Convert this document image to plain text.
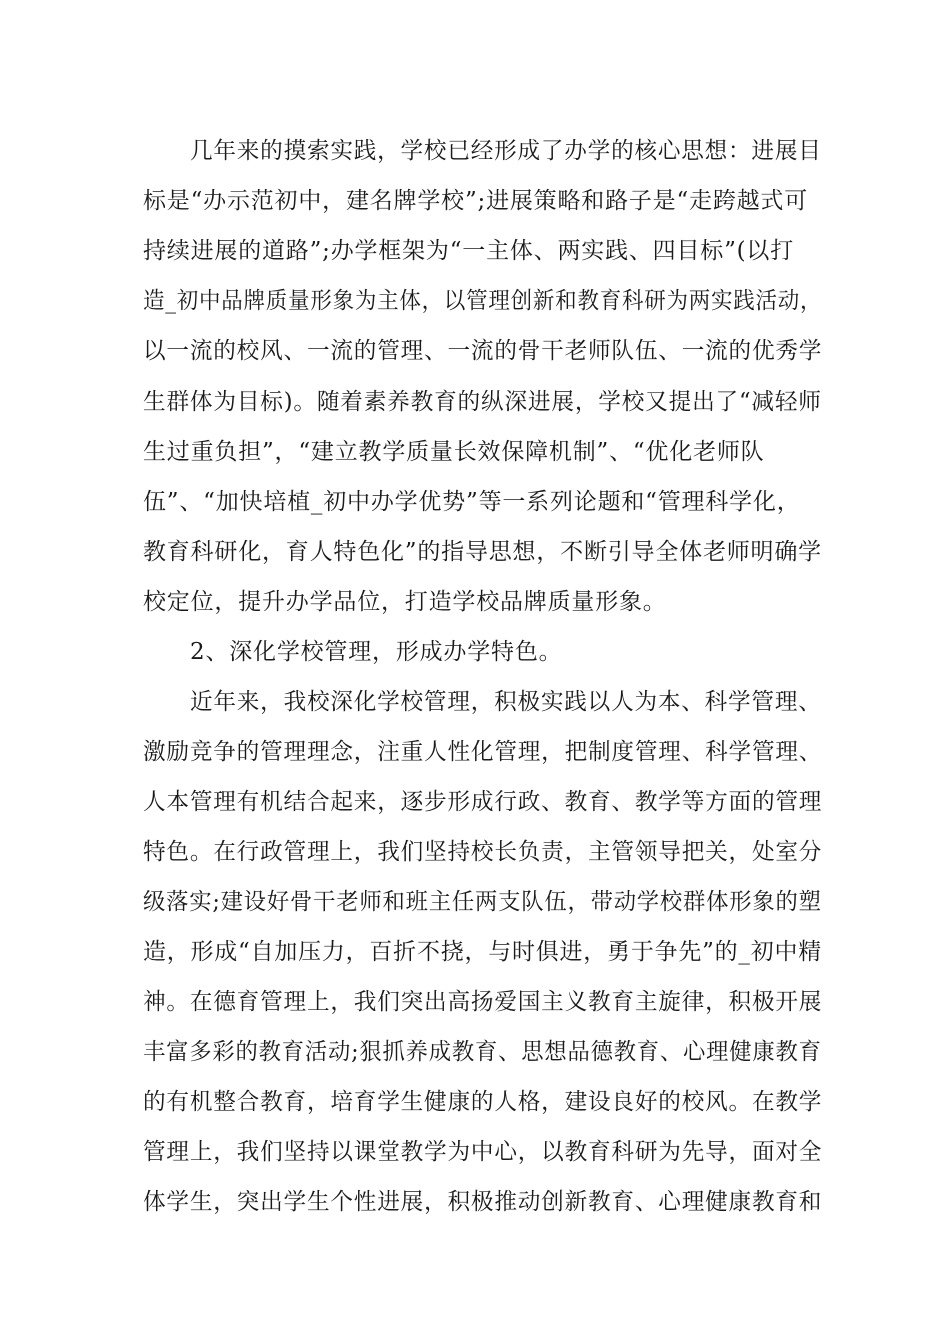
几年来的摸索实践，学校已经形成了办学的核心思想：进展目
标是“办示范初中，建名牌学校”;进展策略和路子是“走跨越式可
持续进展的道路”;办学框架为“一主体、两实践、四目标”(以打
造_初中品牌质量形象为主体，以管理创新和教育科研为两实践活动，
以一流的校风、一流的管理、一流的骨干老师队伍、一流的优秀学
生群体为目标)。随着素养教育的纵深进展，学校又提出了“减轻师
生过重负担”，“建立教学质量长效保障机制”、“优化老师队
伍”、“加快培植_初中办学优势”等一系列论题和“管理科学化，
教育科研化，育人特色化”的指导思想，不断引导全体老师明确学
校定位，提升办学品位，打造学校品牌质量形象。
2、深化学校管理，形成办学特色。
近年来，我校深化学校管理，积极实践以人为本、科学管理、
激励竞争的管理理念，注重人性化管理，把制度管理、科学管理、
人本管理有机结合起来，逐步形成行政、教育、教学等方面的管理
特色。在行政管理上，我们坚持校长负责，主管领导把关，处室分
级落实;建设好骨干老师和班主任两支队伍，带动学校群体形象的塑
造，形成“自加压力，百折不挠，与时俱进，勇于争先”的_初中精
神。在德育管理上，我们突出高扬爱国主义教育主旋律，积极开展
丰富多彩的教育活动;狠抓养成教育、思想品德教育、心理健康教育
的有机整合教育，培育学生健康的人格，建设良好的校风。在教学
管理上，我们坚持以课堂教学为中心，以教育科研为先导，面对全
体学生，突出学生个性进展，积极推动创新教育、心理健康教育和
